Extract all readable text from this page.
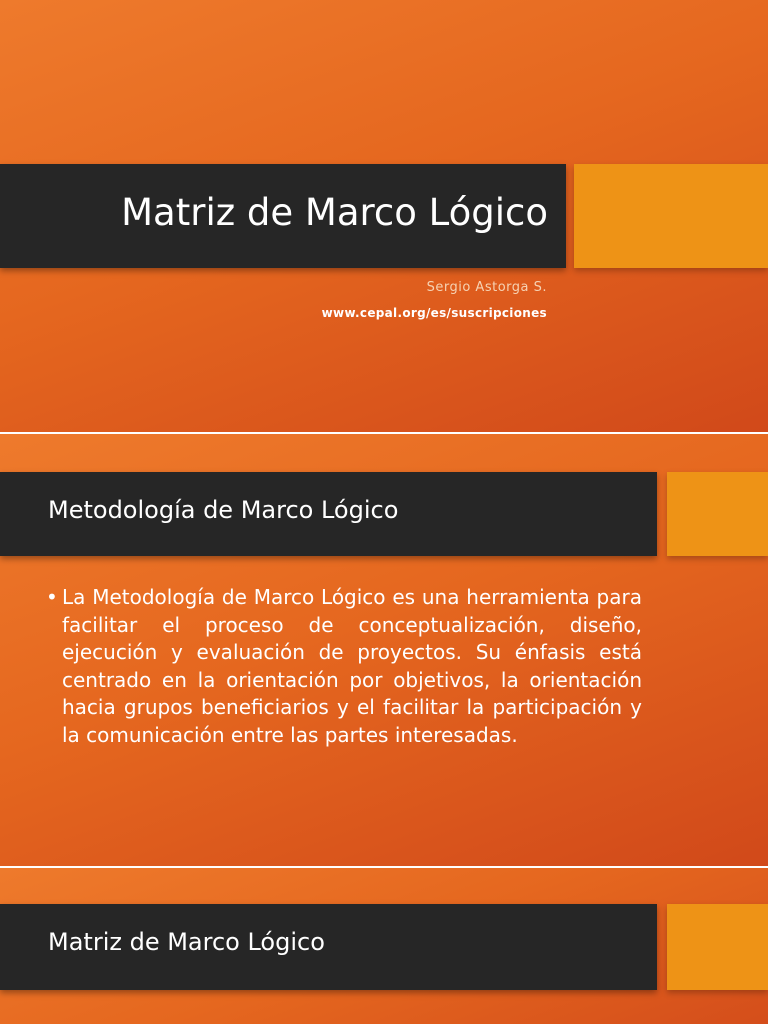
Matriz de Marco Lógico
Sergio Astorga S.
www.cepal.org/es/suscripciones
Metodología de Marco Lógico
• La Metodología de Marco Lógico es una herramienta para facilitar el proceso de conceptualización, diseño, ejecución y evaluación de proyectos. Su énfasis está centrado en la orientación por objetivos, la orientación hacia grupos beneficiarios y el facilitar la participación y la comunicación entre las partes interesadas.

Matriz de Marco Lógico
